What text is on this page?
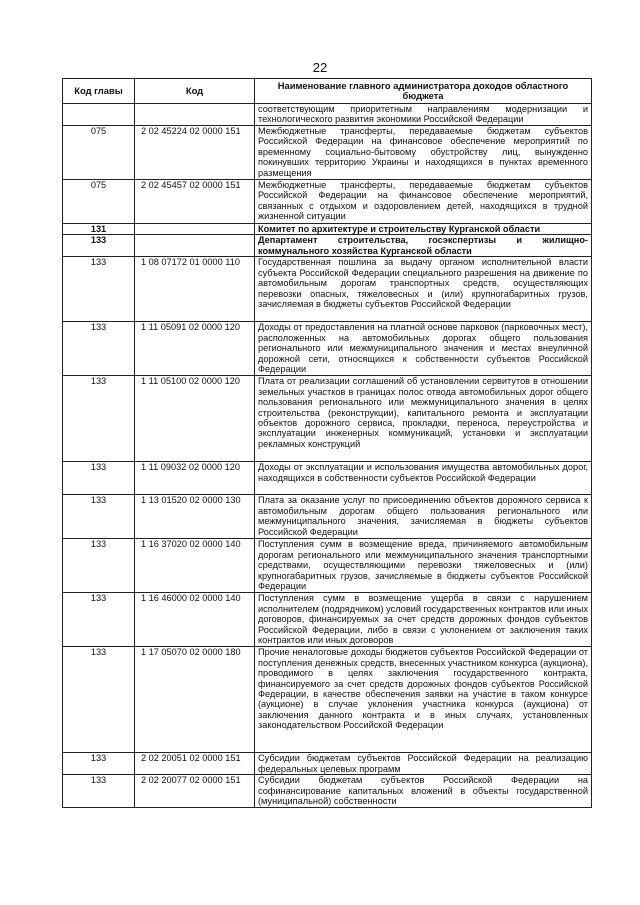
22
Код главы	Код	Наименование главного администратора доходов областного бюджета
		соответствующим приоритетным направлениям модернизации и технологического развития экономики Российской Федерации
075	2 02 45224 02 0000 151	Межбюджетные трансферты, передаваемые бюджетам субъектов Российской Федерации на финансовое обеспечение мероприятий по временному социально-бытовому обустройству лиц, вынужденно покинувших территорию Украины и находящихся в пунктах временного размещения
075	2 02 45457 02 0000 151	Межбюджетные трансферты, передаваемые бюджетам субъектов Российской Федерации на финансовое обеспечение мероприятий, связанных с отдыхом и оздоровлением детей, находящихся в трудной жизненной ситуации
131		Комитет по архитектуре и строительству Курганской области
133		Департамент строительства, госэкспертизы и жилищно-коммунального хозяйства Курганской области
133	1 08 07172 01 0000 110	Государственная пошлина за выдачу органом исполнительной власти субъекта Российской Федерации специального разрешения на движение по автомобильным дорогам транспортных средств, осуществляющих перевозки опасных, тяжеловесных и (или) крупногабаритных грузов, зачисляемая в бюджеты субъектов Российской Федерации
133	1 11 05091 02 0000 120	Доходы от предоставления на платной основе парковок (парковочных мест), расположенных на автомобильных дорогах общего пользования регионального или межмуниципального значения и местах внеуличной дорожной сети, относящихся к собственности субъектов Российской Федерации
133	1 11 05100 02 0000 120	Плата от реализации соглашений об установлении сервитутов в отношении земельных участков в границах полос отвода автомобильных дорог общего пользования регионального или межмуниципального значения в целях строительства (реконструкции), капитального ремонта и эксплуатации объектов дорожного сервиса, прокладки, переноса, переустройства и эксплуатации инженерных коммуникаций, установки и эксплуатации рекламных конструкций
133	1 11 09032 02 0000 120	Доходы от эксплуатации и использования имущества автомобильных дорог, находящихся в собственности субъектов Российской Федерации
133	1 13 01520 02 0000 130	Плата за оказание услуг по присоединению объектов дорожного сервиса к автомобильным дорогам общего пользования регионального или межмуниципального значения, зачисляемая в бюджеты субъектов Российской Федерации
133	1 16 37020 02 0000 140	Поступления сумм в возмещение вреда, причиняемого автомобильным дорогам регионального или межмуниципального значения транспортными средствами, осуществляющими перевозки тяжеловесных и (или) крупногабаритных грузов, зачисляемые в бюджеты субъектов Российской Федерации
133	1 16 46000 02 0000 140	Поступления сумм в возмещение ущерба в связи с нарушением исполнителем (подрядчиком) условий государственных контрактов или иных договоров, финансируемых за счет средств дорожных фондов субъектов Российской Федерации, либо в связи с уклонением от заключения таких контрактов или иных договоров
133	1 17 05070 02 0000 180	Прочие неналоговые доходы бюджетов субъектов Российской Федерации от поступления денежных средств, внесенных участником конкурса (аукциона), проводимого в целях заключения государственного контракта, финансируемого за счет средств дорожных фондов субъектов Российской Федерации, в качестве обеспечения заявки на участие в таком конкурсе (аукционе) в случае уклонения участника конкурса (аукциона) от заключения данного контракта и в иных случаях, установленных законодательством Российской Федерации
133	2 02 20051 02 0000 151	Субсидии бюджетам субъектов Российской Федерации на реализацию федеральных целевых программ
133	2 02 20077 02 0000 151	Субсидии бюджетам субъектов Российской Федерации на софинансирование капитальных вложений в объекты государственной (муниципальной) собственности
